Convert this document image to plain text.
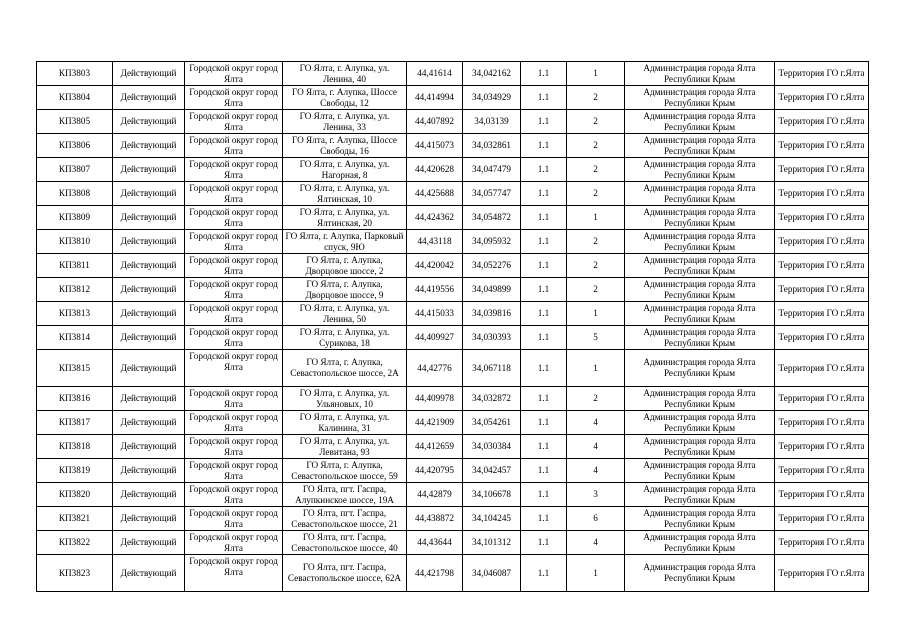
КП3803	Действующий	Городской округ город Ялта	ГО Ялта, г. Алупка, ул. Ленина, 40	44,41614	34,042162	1.1	1	Администрация города Ялта Республики Крым	Территория ГО г.Ялта
КП3804	Действующий	Городской округ город Ялта	ГО Ялта, г. Алупка, Шоссе Свободы, 12	44,414994	34,034929	1.1	2	Администрация города Ялта Республики Крым	Территория ГО г.Ялта
КП3805	Действующий	Городской округ город Ялта	ГО Ялта, г. Алупка, ул. Ленина, 33	44,407892	34,03139	1.1	2	Администрация города Ялта Республики Крым	Территория ГО г.Ялта
КП3806	Действующий	Городской округ город Ялта	ГО Ялта, г. Алупка, Шоссе Свободы, 16	44,415073	34,032861	1.1	2	Администрация города Ялта Республики Крым	Территория ГО г.Ялта
КП3807	Действующий	Городской округ город Ялта	ГО Ялта, г. Алупка, ул. Нагорная, 8	44,420628	34,047479	1.1	2	Администрация города Ялта Республики Крым	Территория ГО г.Ялта
КП3808	Действующий	Городской округ город Ялта	ГО Ялта, г. Алупка, ул. Ялтинская, 10	44,425688	34,057747	1.1	2	Администрация города Ялта Республики Крым	Территория ГО г.Ялта
КП3809	Действующий	Городской округ город Ялта	ГО Ялта, г. Алупка, ул. Ялтинская, 20	44,424362	34,054872	1.1	1	Администрация города Ялта Республики Крым	Территория ГО г.Ялта
КП3810	Действующий	Городской округ город Ялта	ГО Ялта, г. Алупка, Парковый спуск, 9Ю	44,43118	34,095932	1.1	2	Администрация города Ялта Республики Крым	Территория ГО г.Ялта
КП3811	Действующий	Городской округ город Ялта	ГО Ялта, г. Алупка, Дворцовое шоссе, 2	44,420042	34,052276	1.1	2	Администрация города Ялта Республики Крым	Территория ГО г.Ялта
КП3812	Действующий	Городской округ город Ялта	ГО Ялта, г. Алупка, Дворцовое шоссе, 9	44,419556	34,049899	1.1	2	Администрация города Ялта Республики Крым	Территория ГО г.Ялта
КП3813	Действующий	Городской округ город Ялта	ГО Ялта, г. Алупка, ул. Ленина, 50	44,415033	34,039816	1.1	1	Администрация города Ялта Республики Крым	Территория ГО г.Ялта
КП3814	Действующий	Городской округ город Ялта	ГО Ялта, г. Алупка, ул. Сурикова, 18	44,409927	34,030393	1.1	5	Администрация города Ялта Республики Крым	Территория ГО г.Ялта
КП3815	Действующий	Городской округ город Ялта	ГО Ялта, г. Алупка, Севастопольское шоссе, 2А	44,42776	34,067118	1.1	1	Администрация города Ялта Республики Крым	Территория ГО г.Ялта
КП3816	Действующий	Городской округ город Ялта	ГО Ялта, г. Алупка, ул. Ульяновых, 10	44,409978	34,032872	1.1	2	Администрация города Ялта Республики Крым	Территория ГО г.Ялта
КП3817	Действующий	Городской округ город Ялта	ГО Ялта, г. Алупка, ул. Калинина, 31	44,421909	34,054261	1.1	4	Администрация города Ялта Республики Крым	Территория ГО г.Ялта
КП3818	Действующий	Городской округ город Ялта	ГО Ялта, г. Алупка, ул. Левитана, 93	44,412659	34,030384	1.1	4	Администрация города Ялта Республики Крым	Территория ГО г.Ялта
КП3819	Действующий	Городской округ город Ялта	ГО Ялта, г. Алупка, Севастопольское шоссе, 59	44,420795	34,042457	1.1	4	Администрация города Ялта Республики Крым	Территория ГО г.Ялта
КП3820	Действующий	Городской округ город Ялта	ГО Ялта, пгт. Гаспра, Алупкинское шоссе, 19А	44,42879	34,106678	1.1	3	Администрация города Ялта Республики Крым	Территория ГО г.Ялта
КП3821	Действующий	Городской округ город Ялта	ГО Ялта, пгт. Гаспра, Севастопольское шоссе, 21	44,438872	34,104245	1.1	6	Администрация города Ялта Республики Крым	Территория ГО г.Ялта
КП3822	Действующий	Городской округ город Ялта	ГО Ялта, пгт. Гаспра, Севастопольское шоссе, 40	44,43644	34,101312	1.1	4	Администрация города Ялта Республики Крым	Территория ГО г.Ялта
КП3823	Действующий	Городской округ город Ялта	ГО Ялта, пгт. Гаспра, Севастопольское шоссе, 62А	44,421798	34,046087	1.1	1	Администрация города Ялта Республики Крым	Территория ГО г.Ялта
